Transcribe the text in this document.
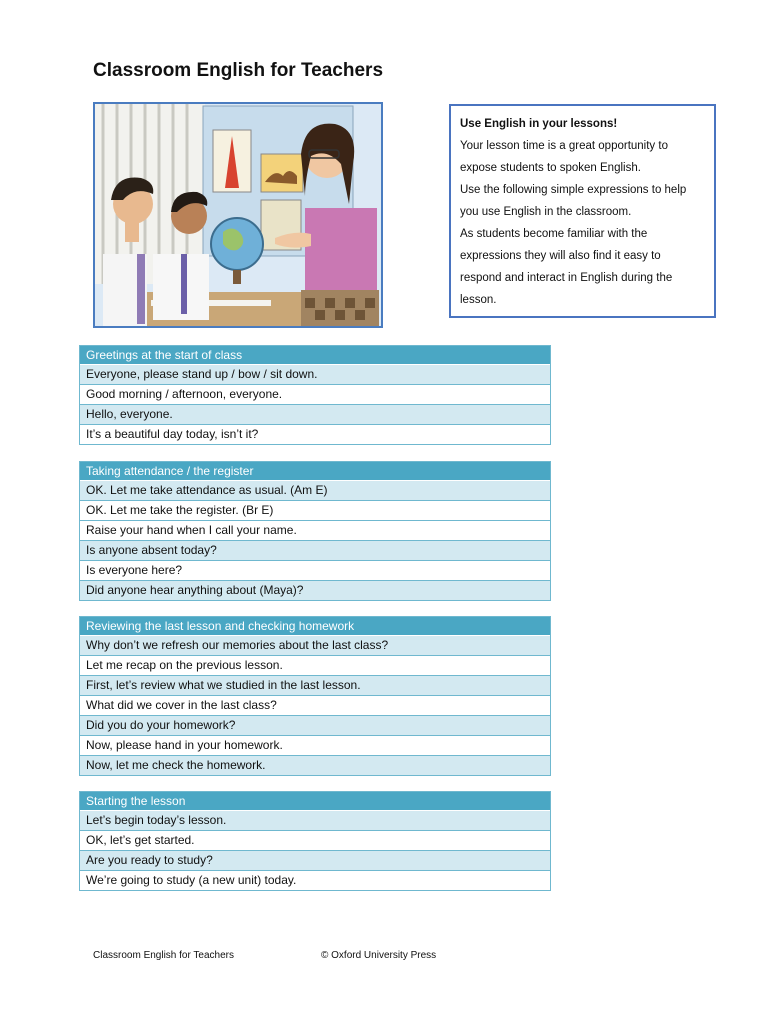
Classroom English for Teachers
Use English in your lessons!
Your lesson time is a great opportunity to
expose students to spoken English.
Use the following simple expressions to help
you use English in the classroom.
As students become familiar with the
expressions they will also find it easy to
respond and interact in English during the
lesson.
Greetings at the start of class
Everyone, please stand up / bow / sit down.
Good morning / afternoon, everyone.
Hello, everyone.
It’s a beautiful day today, isn’t it?
Taking attendance / the register
OK. Let me take attendance as usual. (Am E)
OK. Let me take the register. (Br E)
Raise your hand when I call your name.
Is anyone absent today?
Is everyone here?
Did anyone hear anything about (Maya)?
Reviewing the last lesson and checking homework
Why don’t we refresh our memories about the last class?
Let me recap on the previous lesson.
First, let’s review what we studied in the last lesson.
What did we cover in the last class?
Did you do your homework?
Now, please hand in your homework.
Now, let me check the homework.
Starting the lesson
Let’s begin today’s lesson.
OK, let’s get started.
Are you ready to study?
We’re going to study (a new unit) today.
Classroom English for Teachers	© Oxford University Press
